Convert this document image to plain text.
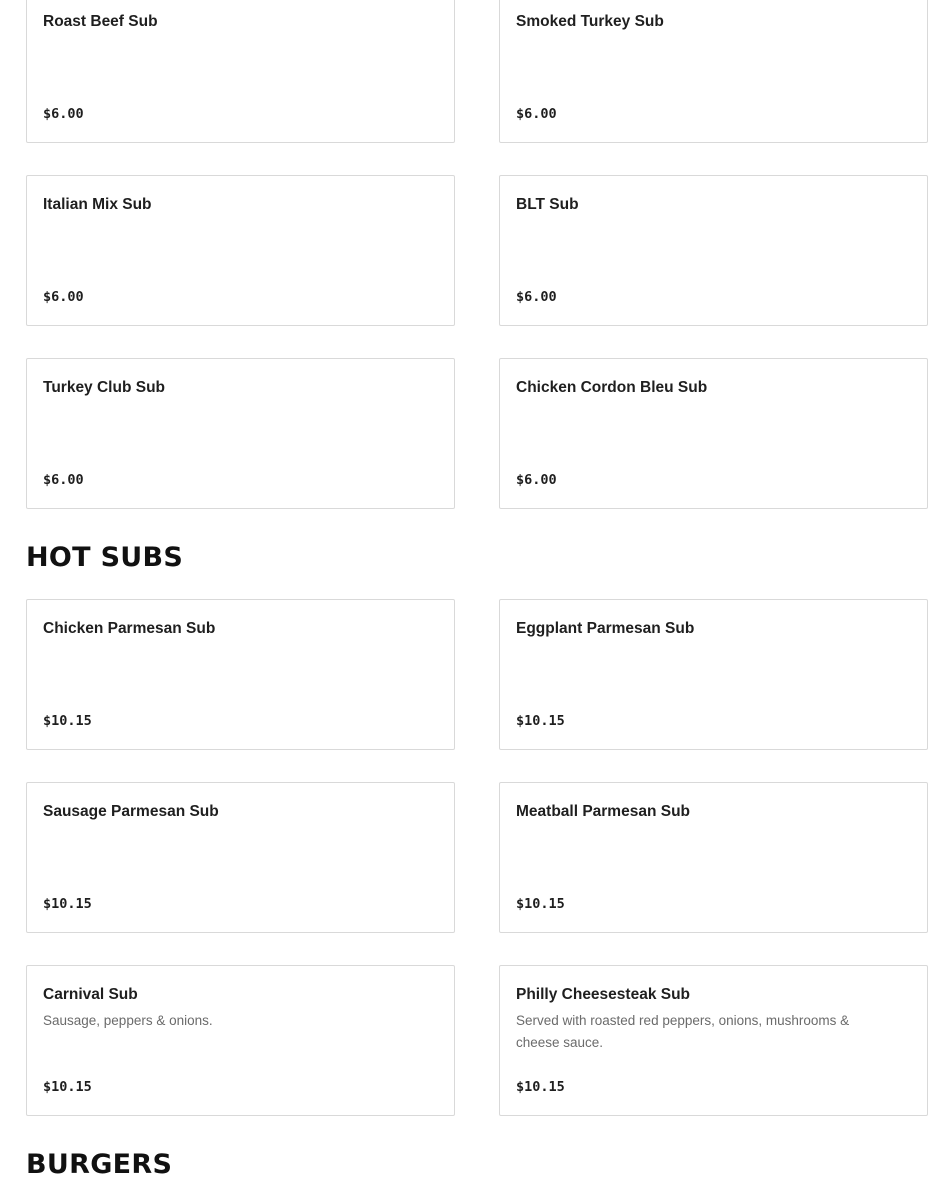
Roast Beef Sub
$6.00
Smoked Turkey Sub
$6.00
Italian Mix Sub
$6.00
BLT Sub
$6.00
Turkey Club Sub
$6.00
Chicken Cordon Bleu Sub
$6.00
HOT SUBS
Chicken Parmesan Sub
$10.15
Eggplant Parmesan Sub
$10.15
Sausage Parmesan Sub
$10.15
Meatball Parmesan Sub
$10.15
Carnival Sub
Sausage, peppers & onions.
$10.15
Philly Cheesesteak Sub
Served with roasted red peppers, onions, mushrooms & cheese sauce.
$10.15
BURGERS
